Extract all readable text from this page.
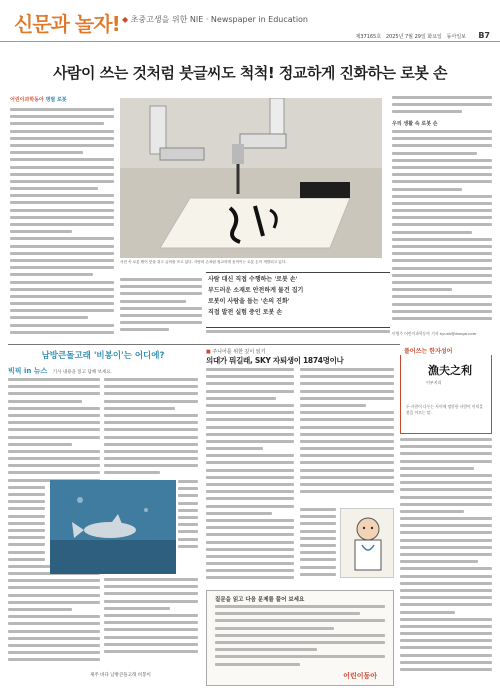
신문과 놀자! ◆ 초중고생을 위한 NIE · Newspaper in Education
제37165호 2025년 7월 29일 화요일 동아일보 B7
사람이 쓰는 것처럼 붓글씨도 척척! 정교하게 진화하는 로봇 손
어린이과학동아 명필 로봇
사진 속 로봇 팔이 붓을 쥐고 글씨를 쓰고 있다. 사람의 손처럼 정교하게 움직이는 로봇 손이 개발되고 있다.
사람 대신 직접 수행하는 '로봇 손'
부드러운 소재로 안전하게 물건 집기
로봇이 사람을 돕는 '손의 진화'
직접 발전 실험 중인 로봇 손
우리 생활 속 로봇 손
이병주 어린이과학동아 기자 hyunk@donga.com
남방큰돌고래 '비봉이'는 어디에?
빅픽 in 뉴스 기사 내용을 읽고 답해 보세요.
제주 바다 남방큰돌고래 비봉이
■ 주니어를 위한 깊이 읽기
의대가 뭐길래, SKY 자퇴생이 1874명이나
질문을 읽고 다음 문제를 풀어 보세요
어린이동아
풀어쓰는 한자성어
漁夫之利
어부지리
두 사람이 다투는 사이에 엉뚱한 사람이 이익을 봄을 이르는 말.
